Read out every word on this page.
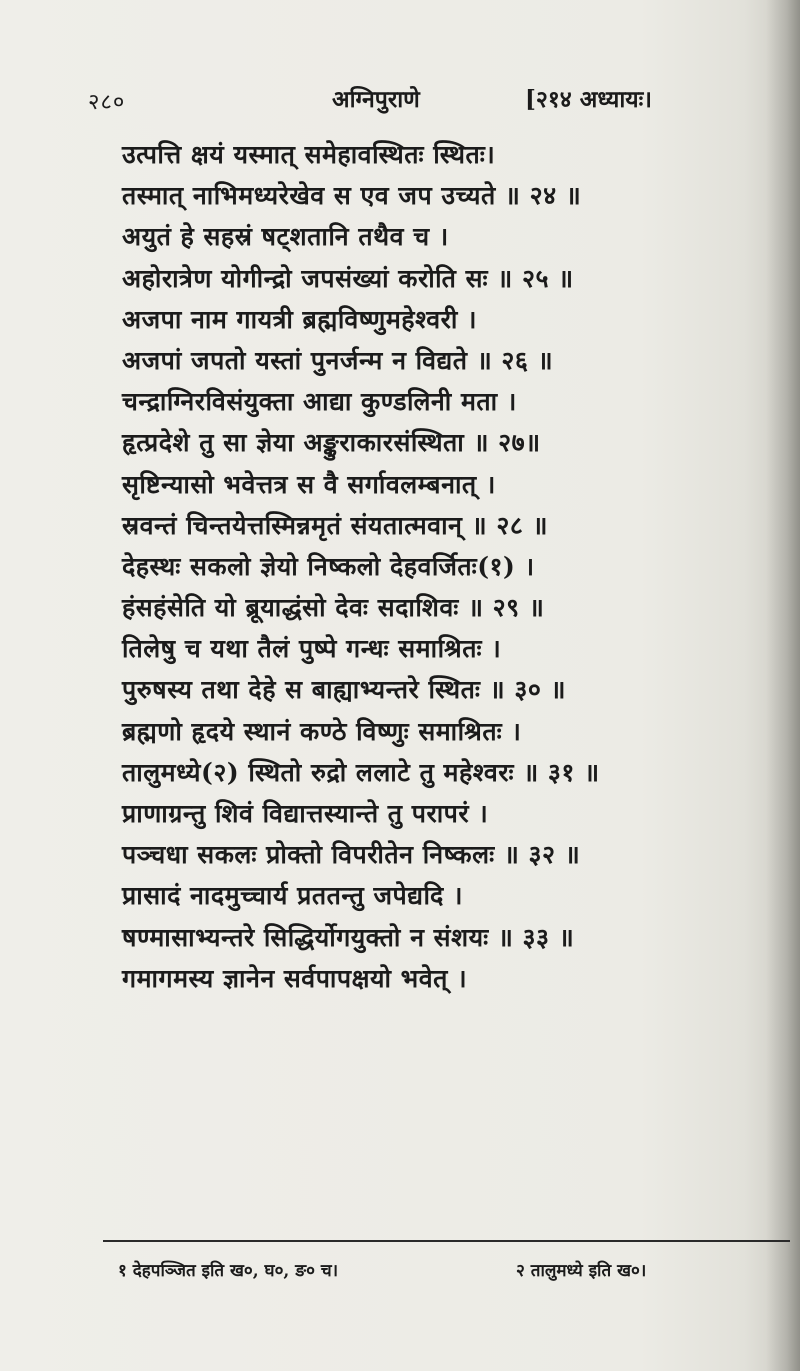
२८०	अग्निपुराणे	[२१४ अध्यायः।
उत्पत्ति क्षयं यस्मात् समेहावस्थितः स्थितः।
तस्मात् नाभिमध्यरेखेव स एव जप उच्यते ॥ २४ ॥
अयुतं हे सहस्रं षट्शतानि तथैव च ।
अहोरात्रेण योगीन्द्रो जपसंख्यां करोति सः ॥ २५ ॥
अजपा नाम गायत्री ब्रह्मविष्णुमहेश्वरी ।
अजपां जपतो यस्तां पुनर्जन्म न विद्यते ॥ २६ ॥
चन्द्राग्निरविसंयुक्ता आद्या कुण्डलिनी मता ।
हृत्प्रदेशे तु सा ज्ञेया अङ्कुराकारसंस्थिता ॥ २७॥
सृष्टिन्यासो भवेत्तत्र स वै सर्गावलम्बनात् ।
स्रवन्तं चिन्तयेत्तस्मिन्नमृतं संयतात्मवान् ॥ २८ ॥
देहस्थः सकलो ज्ञेयो निष्कलो देहवर्जितः(१) ।
हंसहंसेति यो ब्रूयाद्धंसो देवः सदाशिवः ॥ २९ ॥
तिलेषु च यथा तैलं पुष्पे गन्धः समाश्रितः ।
पुरुषस्य तथा देहे स बाह्याभ्यन्तरे स्थितः ॥ ३० ॥
ब्रह्मणो हृदये स्थानं कण्ठे विष्णुः समाश्रितः ।
तालुमध्ये(२) स्थितो रुद्रो ललाटे तु महेश्वरः ॥ ३१ ॥
प्राणाग्रन्तु शिवं विद्यात्तस्यान्ते तु परापरं ।
पञ्चधा सकलः प्रोक्तो विपरीतेन निष्कलः ॥ ३२ ॥
प्रासादं नादमुच्चार्य प्रततन्तु जपेद्यदि ।
षण्मासाभ्यन्तरे सिद्धिर्योगयुक्तो न संशयः ॥ ३३ ॥
गमागमस्य ज्ञानेन सर्वपापक्षयो भवेत् ।
१ देहपञ्जित इति ख०, घ०, ङ० च।	२ तालुमध्ये इति ख०।
